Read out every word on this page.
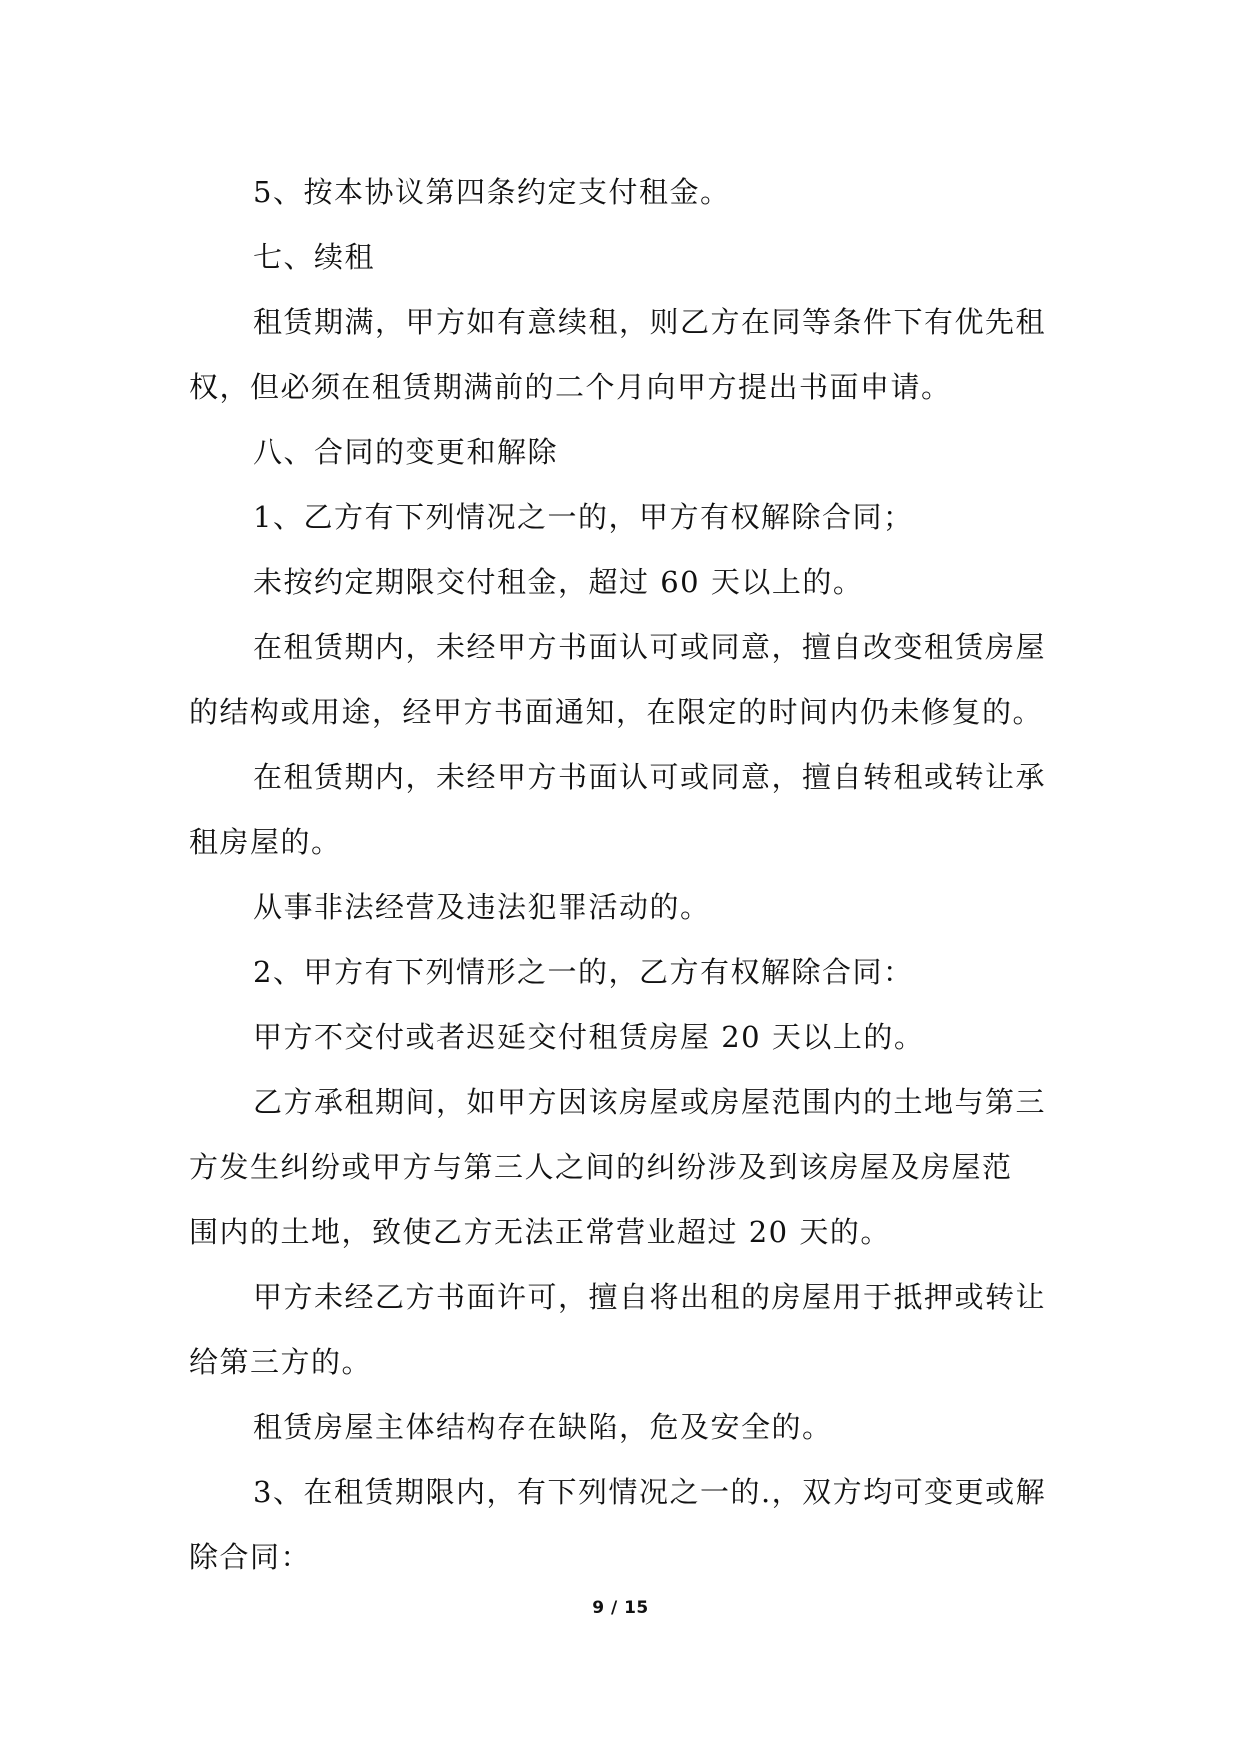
5、按本协议第四条约定支付租金。

七、续租

租赁期满，甲方如有意续租，则乙方在同等条件下有优先租
权，但必须在租赁期满前的二个月向甲方提出书面申请。

八、合同的变更和解除

1、乙方有下列情况之一的，甲方有权解除合同；

未按约定期限交付租金，超过 60 天以上的。

在租赁期内，未经甲方书面认可或同意，擅自改变租赁房屋
的结构或用途，经甲方书面通知，在限定的时间内仍未修复的。

在租赁期内，未经甲方书面认可或同意，擅自转租或转让承
租房屋的。

从事非法经营及违法犯罪活动的。

2、甲方有下列情形之一的，乙方有权解除合同：

甲方不交付或者迟延交付租赁房屋 20 天以上的。

乙方承租期间，如甲方因该房屋或房屋范围内的土地与第三
方发生纠纷或甲方与第三人之间的纠纷涉及到该房屋及房屋范
围内的土地，致使乙方无法正常营业超过 20 天的。

甲方未经乙方书面许可，擅自将出租的房屋用于抵押或转让
给第三方的。

租赁房屋主体结构存在缺陷，危及安全的。

3、在租赁期限内，有下列情况之一的.，双方均可变更或解
除合同：

9 / 15
